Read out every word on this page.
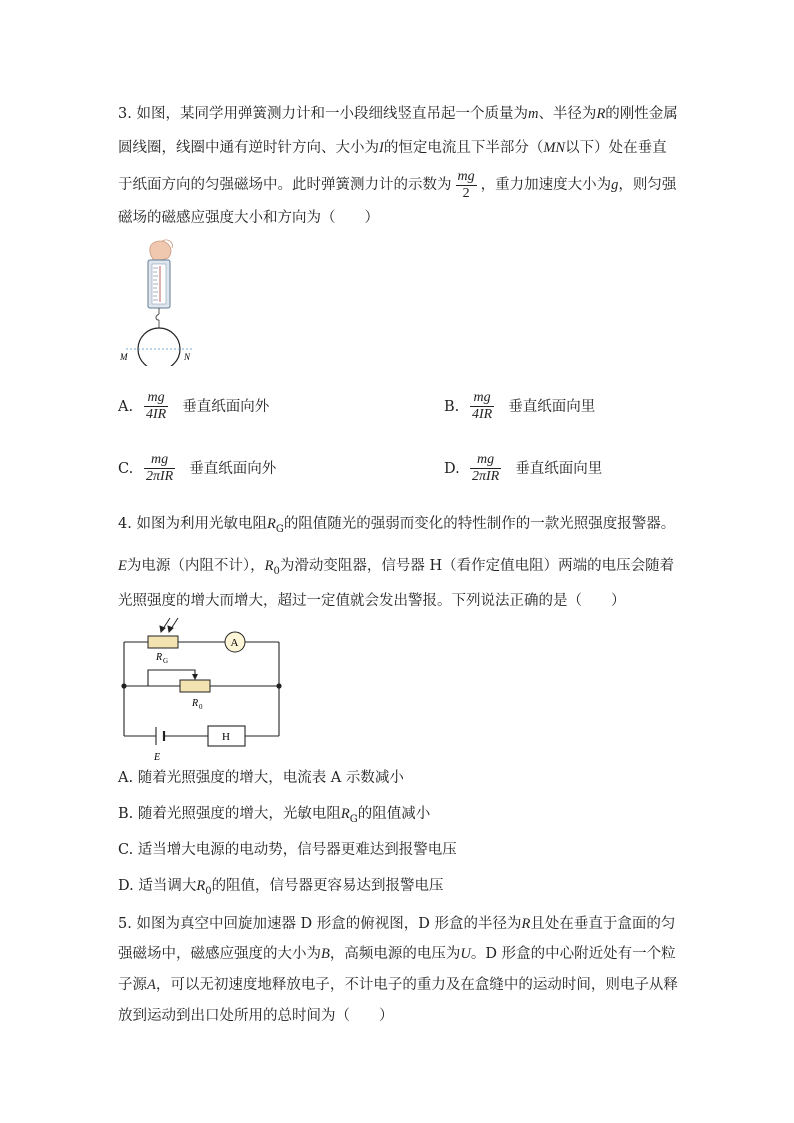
3. 如图，某同学用弹簧测力计和一小段细线竖直吊起一个质量为m、半径为R的刚性金属
圆线圈，线圈中通有逆时针方向、大小为I的恒定电流且下半部分（MN以下）处在垂直
于纸面方向的匀强磁场中。此时弹簧测力计的示数为 $\frac{mg}{2}$ ，重力加速度大小为g，则匀强
磁场的磁感应强度大小和方向为（　　）
M	N
A. $\frac{mg}{4IR}$ 垂直纸面向外	B. $\frac{mg}{4IR}$ 垂直纸面向里
C. $\frac{mg}{\text{2πIR}}$ 垂直纸面向外	D. $\frac{mg}{\text{2πIR}}$ 垂直纸面向里
4. 如图为利用光敏电阻$R_G$的阻值随光的强弱而变化的特性制作的一款光照强度报警器。
E为电源（内阻不计），$R_0$为滑动变阻器，信号器 H（看作定值电阻）两端的电压会随着
光照强度的增大而增大，超过一定值就会发出警报。下列说法正确的是（　　）
R G
A
R 0
E
H
A. 随着光照强度的增大，电流表 A 示数减小
B. 随着光照强度的增大，光敏电阻$R_G$的阻值减小
C. 适当增大电源的电动势，信号器更难达到报警电压
D. 适当调大$R_0$的阻值，信号器更容易达到报警电压
5. 如图为真空中回旋加速器 D 形盒的俯视图，D 形盒的半径为R且处在垂直于盒面的匀
强磁场中，磁感应强度的大小为B，高频电源的电压为U。D 形盒的中心附近处有一个粒
子源A，可以无初速度地释放电子，不计电子的重力及在盒缝中的运动时间，则电子从释
放到运动到出口处所用的总时间为（　　）
